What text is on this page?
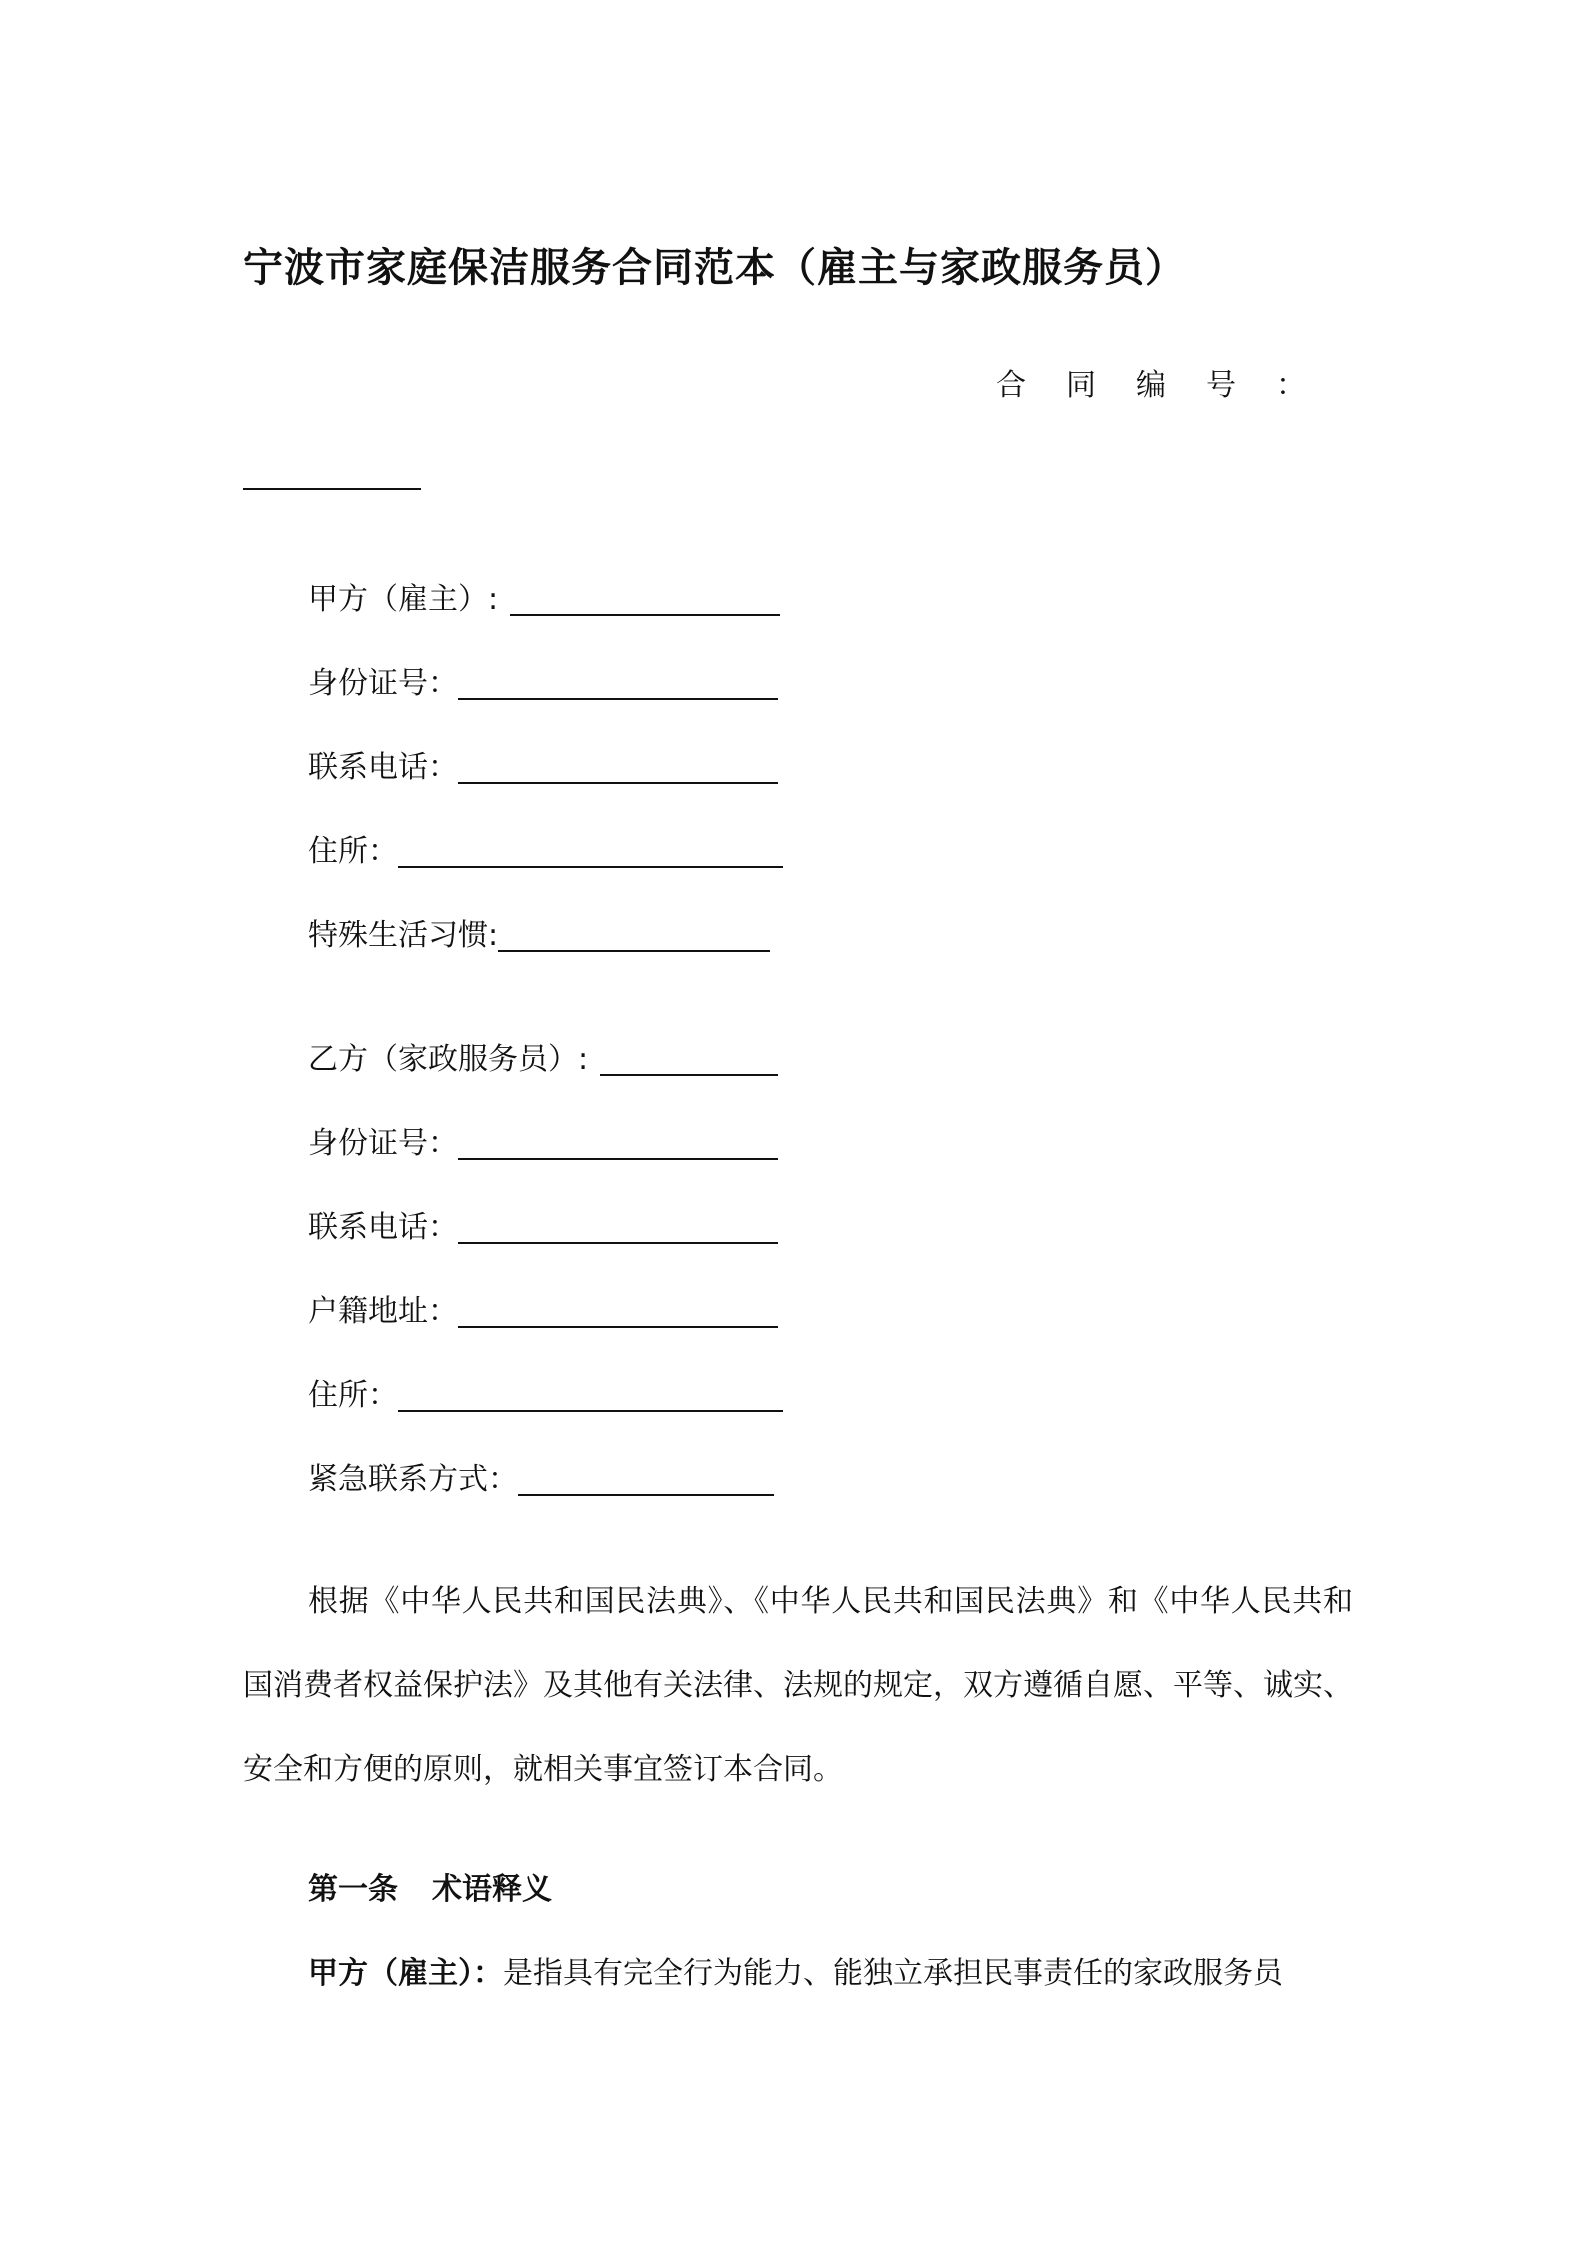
宁波市家庭保洁服务合同范本（雇主与家政服务员）
合同编号：
甲方（雇主）:
身份证号：
联系电话：
住所：
特殊生活习惯:
乙方（家政服务员）:
身份证号：
联系电话：
户籍地址：
住所：
紧急联系方式：
根据《中华人民共和国民法典》、《中华人民共和国民法典》和《中华人民共和国消费者权益保护法》及其他有关法律、法规的规定，双方遵循自愿、平等、诚实、安全和方便的原则，就相关事宜签订本合同。
第一条 术语释义
甲方（雇主）：是指具有完全行为能力、能独立承担民事责任的家政服务员
